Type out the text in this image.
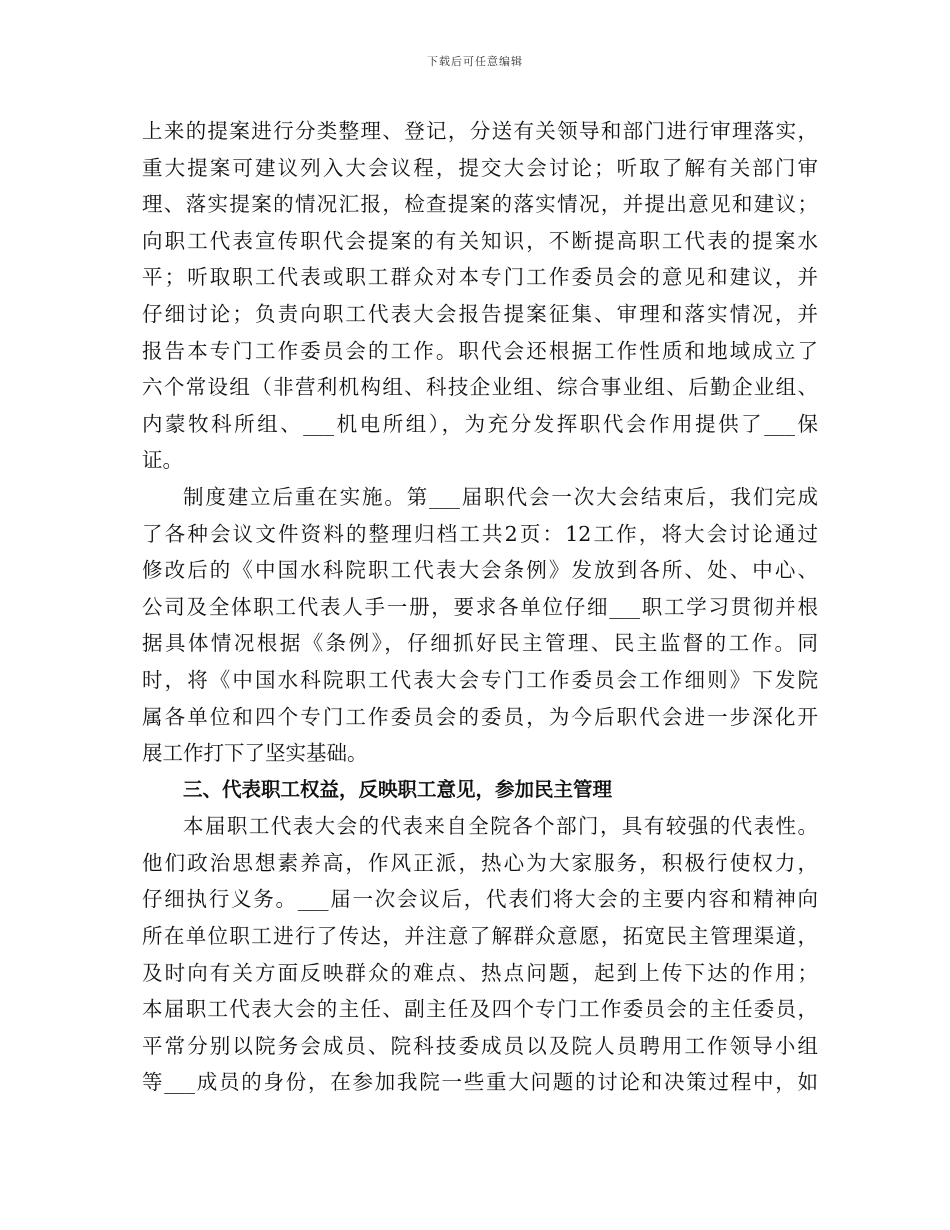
下载后可任意编辑
上来的提案进行分类整理、登记，分送有关领导和部门进行审理落实，
重大提案可建议列入大会议程，提交大会讨论；听取了解有关部门审
理、落实提案的情况汇报，检查提案的落实情况，并提出意见和建议；
向职工代表宣传职代会提案的有关知识，不断提高职工代表的提案水
平；听取职工代表或职工群众对本专门工作委员会的意见和建议，并
仔细讨论；负责向职工代表大会报告提案征集、审理和落实情况，并
报告本专门工作委员会的工作。职代会还根据工作性质和地域成立了
六个常设组（非营利机构组、科技企业组、综合事业组、后勤企业组、
内蒙牧科所组、___机电所组），为充分发挥职代会作用提供了___保
证。
制度建立后重在实施。第___届职代会一次大会结束后，我们完成
了各种会议文件资料的整理归档工共2页：12工作，将大会讨论通过
修改后的《中国水科院职工代表大会条例》发放到各所、处、中心、
公司及全体职工代表人手一册，要求各单位仔细___职工学习贯彻并根
据具体情况根据《条例》，仔细抓好民主管理、民主监督的工作。同
时，将《中国水科院职工代表大会专门工作委员会工作细则》下发院
属各单位和四个专门工作委员会的委员，为今后职代会进一步深化开
展工作打下了坚实基础。
三、代表职工权益，反映职工意见，参加民主管理
本届职工代表大会的代表来自全院各个部门，具有较强的代表性。
他们政治思想素养高，作风正派，热心为大家服务，积极行使权力，
仔细执行义务。___届一次会议后，代表们将大会的主要内容和精神向
所在单位职工进行了传达，并注意了解群众意愿，拓宽民主管理渠道，
及时向有关方面反映群众的难点、热点问题，起到上传下达的作用；
本届职工代表大会的主任、副主任及四个专门工作委员会的主任委员，
平常分别以院务会成员、院科技委成员以及院人员聘用工作领导小组
等___成员的身份，在参加我院一些重大问题的讨论和决策过程中，如
